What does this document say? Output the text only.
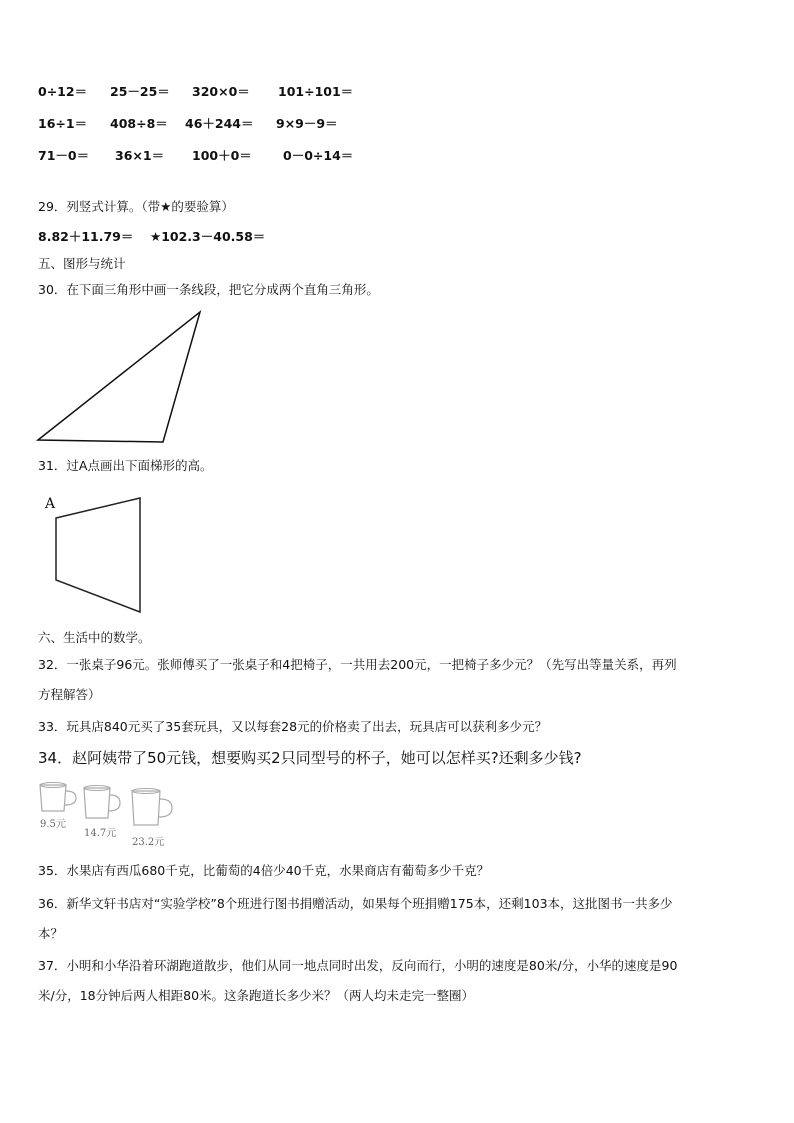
0÷12＝ 25－25＝ 320×0＝ 101÷101＝
16÷1＝ 408÷8＝ 46＋244＝ 9×9－9＝
71－0＝ 36×1＝ 100＋0＝ 0－0÷14＝
29．列竖式计算。（带★的要验算）
8.82＋11.79＝ ★102.3－40.58＝
五、图形与统计
30．在下面三角形中画一条线段，把它分成两个直角三角形。
31．过A点画出下面梯形的高。
A
六、生活中的数学。
32．一张桌子96元。张师傅买了一张桌子和4把椅子，一共用去200元，一把椅子多少元？（先写出等量关系，再列
方程解答）
33．玩具店840元买了35套玩具，又以每套28元的价格卖了出去，玩具店可以获利多少元？
34．赵阿姨带了50元钱，想要购买2只同型号的杯子，她可以怎样买?还剩多少钱?
9.5元
14.7元
23.2元
35．水果店有西瓜680千克，比葡萄的4倍少40千克，水果商店有葡萄多少千克？
36．新华文轩书店对“实验学校”8个班进行图书捐赠活动，如果每个班捐赠175本，还剩103本，这批图书一共多少
本？
37．小明和小华沿着环湖跑道散步，他们从同一地点同时出发，反向而行，小明的速度是80米/分，小华的速度是90
米/分，18分钟后两人相距80米。这条跑道长多少米？（两人均未走完一整圈）
